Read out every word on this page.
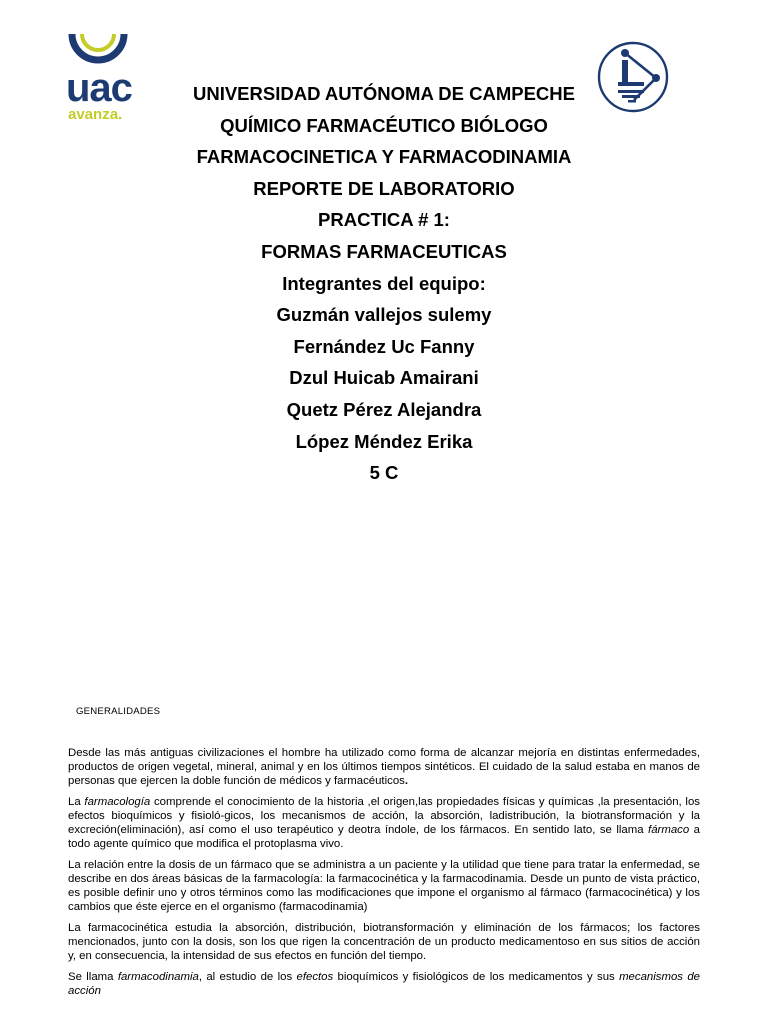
uac
avanza.
UNIVERSIDAD AUTÓNOMA DE CAMPECHE
QUÍMICO FARMACÉUTICO BIÓLOGO
FARMACOCINETICA Y FARMACODINAMIA
REPORTE DE LABORATORIO
PRACTICA # 1:
FORMAS FARMACEUTICAS
Integrantes del equipo:
Guzmán vallejos sulemy
Fernández Uc Fanny
Dzul Huicab Amairani
Quetz Pérez Alejandra
López Méndez Erika
5 C
GENERALIDADES

Desde las más antiguas civilizaciones el hombre ha utilizado como forma de alcanzar mejoría en distintas enfermedades, productos de origen vegetal, mineral, animal y en los últimos tiempos sintéticos. El cuidado de la salud estaba en manos de personas que ejercen la doble función de médicos y farmacéuticos.

La farmacología comprende el conocimiento de la historia ,el origen,las propiedades físicas y químicas ,la presentación, los efectos bioquímicos y fisioló-gicos, los mecanismos de acción, la absorción, ladistribución, la biotransformación y la excreción(eliminación), así como el uso terapéutico y deotra índole, de los fármacos. En sentido lato, se llama fármaco a todo agente químico que modifica el protoplasma vivo.

La relación entre la dosis de un fármaco que se administra a un paciente y la utilidad que tiene para tratar la enfermedad, se describe en dos áreas básicas de la farmacología: la farmacocinética y la farmacodinamia. Desde un punto de vista práctico, es posible definir uno y otros términos como las modificaciones que impone el organismo al fármaco (farmacocinética) y los cambios que éste ejerce en el organismo (farmacodinamia)

La farmacocinética estudia la absorción, distribución, biotransformación y eliminación de los fármacos; los factores mencionados, junto con la dosis, son los que rigen la concentración de un producto medicamentoso en sus sitios de acción y, en consecuencia, la intensidad de sus efectos en función del tiempo.

Se llama farmacodinamia, al estudio de los efectos bioquímicos y fisiológicos de los medicamentos y sus mecanismos de acción
